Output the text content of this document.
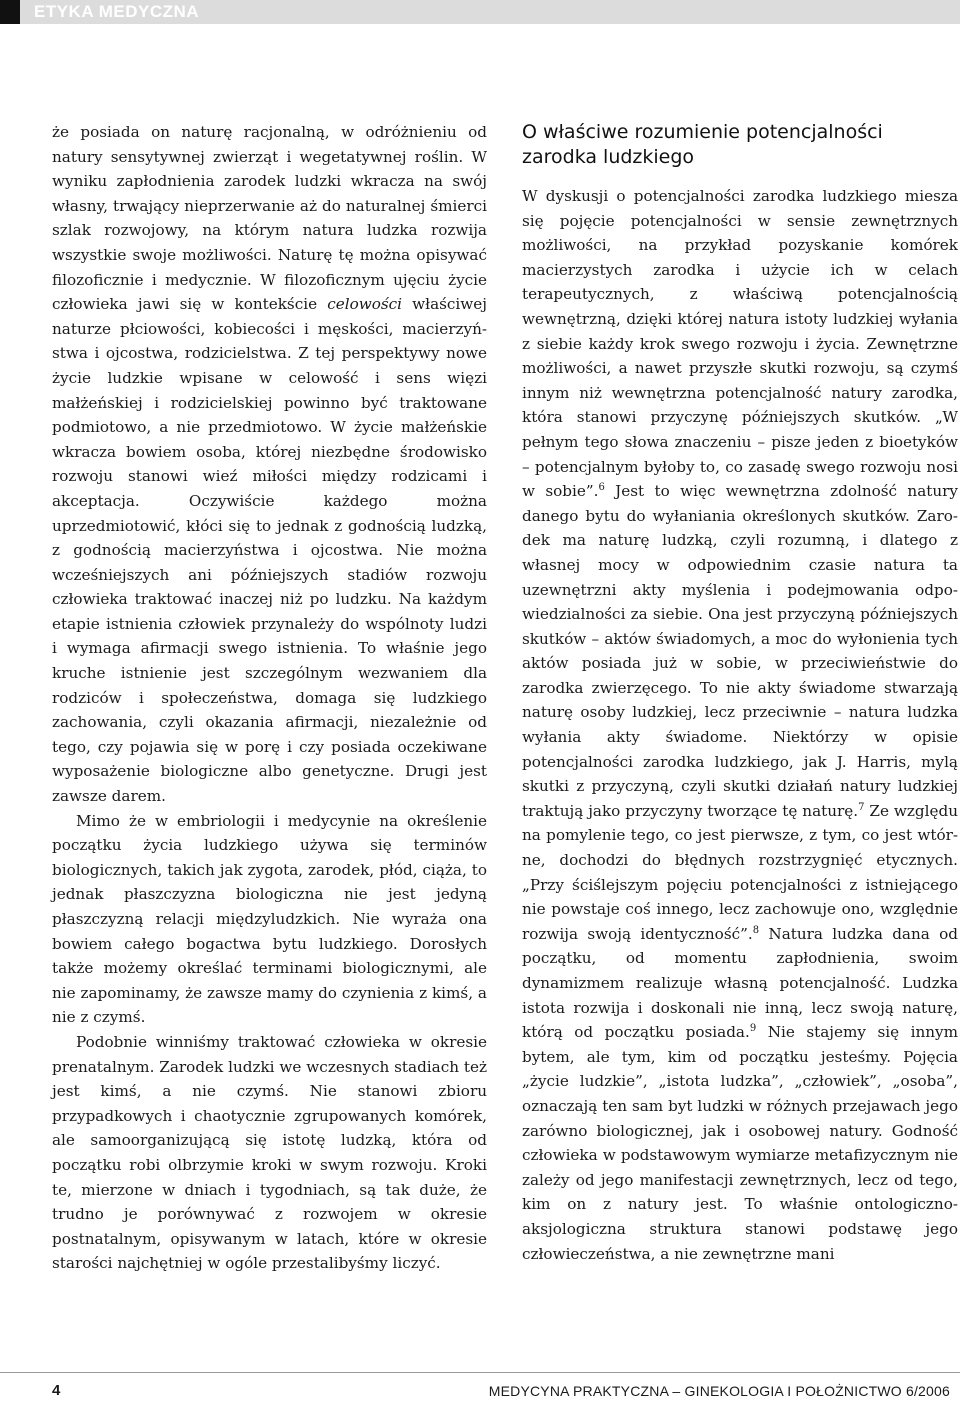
ETYKA MEDYCZNA

że posiada on naturę racjonalną, w odróżnieniu od natury sensytywnej zwierząt i wegetatywnej roślin. W wyniku zapłodnienia zarodek ludzki wkracza na swój własny, trwający nieprzerwanie aż do naturalnej śmierci szlak rozwojowy, na którym natura ludzka rozwija wszystkie swoje możliwości. Naturę tę można opisywać filozoficznie i medycznie. W filozoficznym ujęciu życie człowieka jawi się w kontekście celowości właściwej naturze płciowości, kobiecości i męskości, macierzyństwa i ojcostwa, rodzicielstwa. Z tej perspektywy nowe życie ludzkie wpisane w celowość i sens więzi małżeńskiej i rodzicielskiej powinno być traktowane podmiotowo, a nie przedmiotowo. W życie małżeńskie wkracza bowiem osoba, której niezbędne środowisko rozwoju stanowi wieź miłości między rodzicami i akceptacja. Oczywiście każdego można uprzedmiotowić, kłóci się to jednak z godnością ludzką, z godnością macierzyństwa i ojcostwa. Nie można wcześniejszych ani późniejszych stadiów rozwoju człowieka traktować inaczej niż po ludzku. Na każdym etapie istnienia człowiek przynależy do wspólnoty ludzi i wymaga afirmacji swego istnienia. To właśnie jego kruche istnienie jest szczególnym wezwaniem dla rodziców i społeczeństwa, domaga się ludzkiego zachowania, czyli okazania afirmacji, niezależnie od tego, czy pojawia się w porę i czy posiada oczekiwane wyposażenie biologiczne albo genetyczne. Drugi jest zawsze darem.

Mimo że w embriologii i medycynie na określenie początku życia ludzkiego używa się terminów biologicznych, takich jak zygota, zarodek, płód, ciąża, to jednak płaszczyzna biologiczna nie jest jedyną płaszczyzną relacji międzyludzkich. Nie wyraża ona bowiem całego bogactwa bytu ludzkiego. Dorosłych także możemy określać terminami biologicznymi, ale nie zapominamy, że zawsze mamy do czynienia z kimś, a nie z czymś.

Podobnie winniśmy traktować człowieka w okresie prenatalnym. Zarodek ludzki we wczesnych stadiach też jest kimś, a nie czymś. Nie stanowi zbioru przypadkowych i chaotycznie zgrupowanych komórek, ale samoorganizującą się istotę ludzką, która od początku robi olbrzymie kroki w swym rozwoju. Kroki te, mierzone w dniach i tygodniach, są tak duże, że trudno je porównywać z rozwojem w okresie postnatalnym, opisywanym w latach, które w okresie starości najchętniej w ogóle przestalibyśmy liczyć.

O właściwe rozumienie potencjalności zarodka ludzkiego

W dyskusji o potencjalności zarodka ludzkiego miesza się pojęcie potencjalności w sensie zewnętrznych możliwości, na przykład pozyskanie komórek macierzystych zarodka i użycie ich w celach terapeutycznych, z właściwą potencjalnością wewnętrzną, dzięki której natura istoty ludzkiej wyłania z siebie każdy krok swego rozwoju i życia. Zewnętrzne możliwości, a nawet przyszłe skutki rozwoju, są czymś innym niż wewnętrzna potencjalność natury zarodka, która stanowi przyczynę późniejszych skutków. „W pełnym tego słowa znaczeniu – pisze jeden z bioetyków – potencjalnym byłoby to, co zasadę swego rozwoju nosi w sobie”.$^6$ Jest to więc wewnętrzna zdolność natury danego bytu do wyłaniania określonych skutków. Zarodek ma naturę ludzką, czyli rozumną, i dlatego z własnej mocy w odpowiednim czasie natura ta uzewnętrzni akty myślenia i podejmowania odpowiedzialności za siebie. Ona jest przyczyną późniejszych skutków – aktów świadomych, a moc do wyłonienia tych aktów posiada już w sobie, w przeciwieństwie do zarodka zwierzęcego. To nie akty świadome stwarzają naturę osoby ludzkiej, lecz przeciwnie – natura ludzka wyłania akty świadome. Niektórzy w opisie potencjalności zarodka ludzkiego, jak J. Harris, mylą skutki z przyczyną, czyli skutki działań natury ludzkiej traktują jako przyczyny tworzące tę naturę.$^7$ Ze względu na pomylenie tego, co jest pierwsze, z tym, co jest wtórne, dochodzi do błędnych rozstrzygnięć etycznych. „Przy ściślejszym pojęciu potencjalności z istniejącego nie powstaje coś innego, lecz zachowuje ono, względnie rozwija swoją identyczność”.$^8$ Natura ludzka dana od początku, od momentu zapłodnienia, swoim dynamizmem realizuje własną potencjalność. Ludzka istota rozwija i doskonali nie inną, lecz swoją naturę, którą od początku posiada.$^9$ Nie stajemy się innym bytem, ale tym, kim od początku jesteśmy. Pojęcia „życie ludzkie”, „istota ludzka”, „człowiek”, „osoba”, oznaczają ten sam byt ludzki w różnych przejawach jego zarówno biologicznej, jak i osobowej natury. Godność człowieka w podstawowym wymiarze metafizycznym nie zależy od jego manifestacji zewnętrznych, lecz od tego, kim on z natury jest. To właśnie ontologiczno-aksjologiczna struktura stanowi podstawę jego człowieczeństwa, a nie zewnętrzne mani

4	MEDYCYNA PRAKTYCZNA – GINEKOLOGIA I POŁOŻNICTWO 6/2006
